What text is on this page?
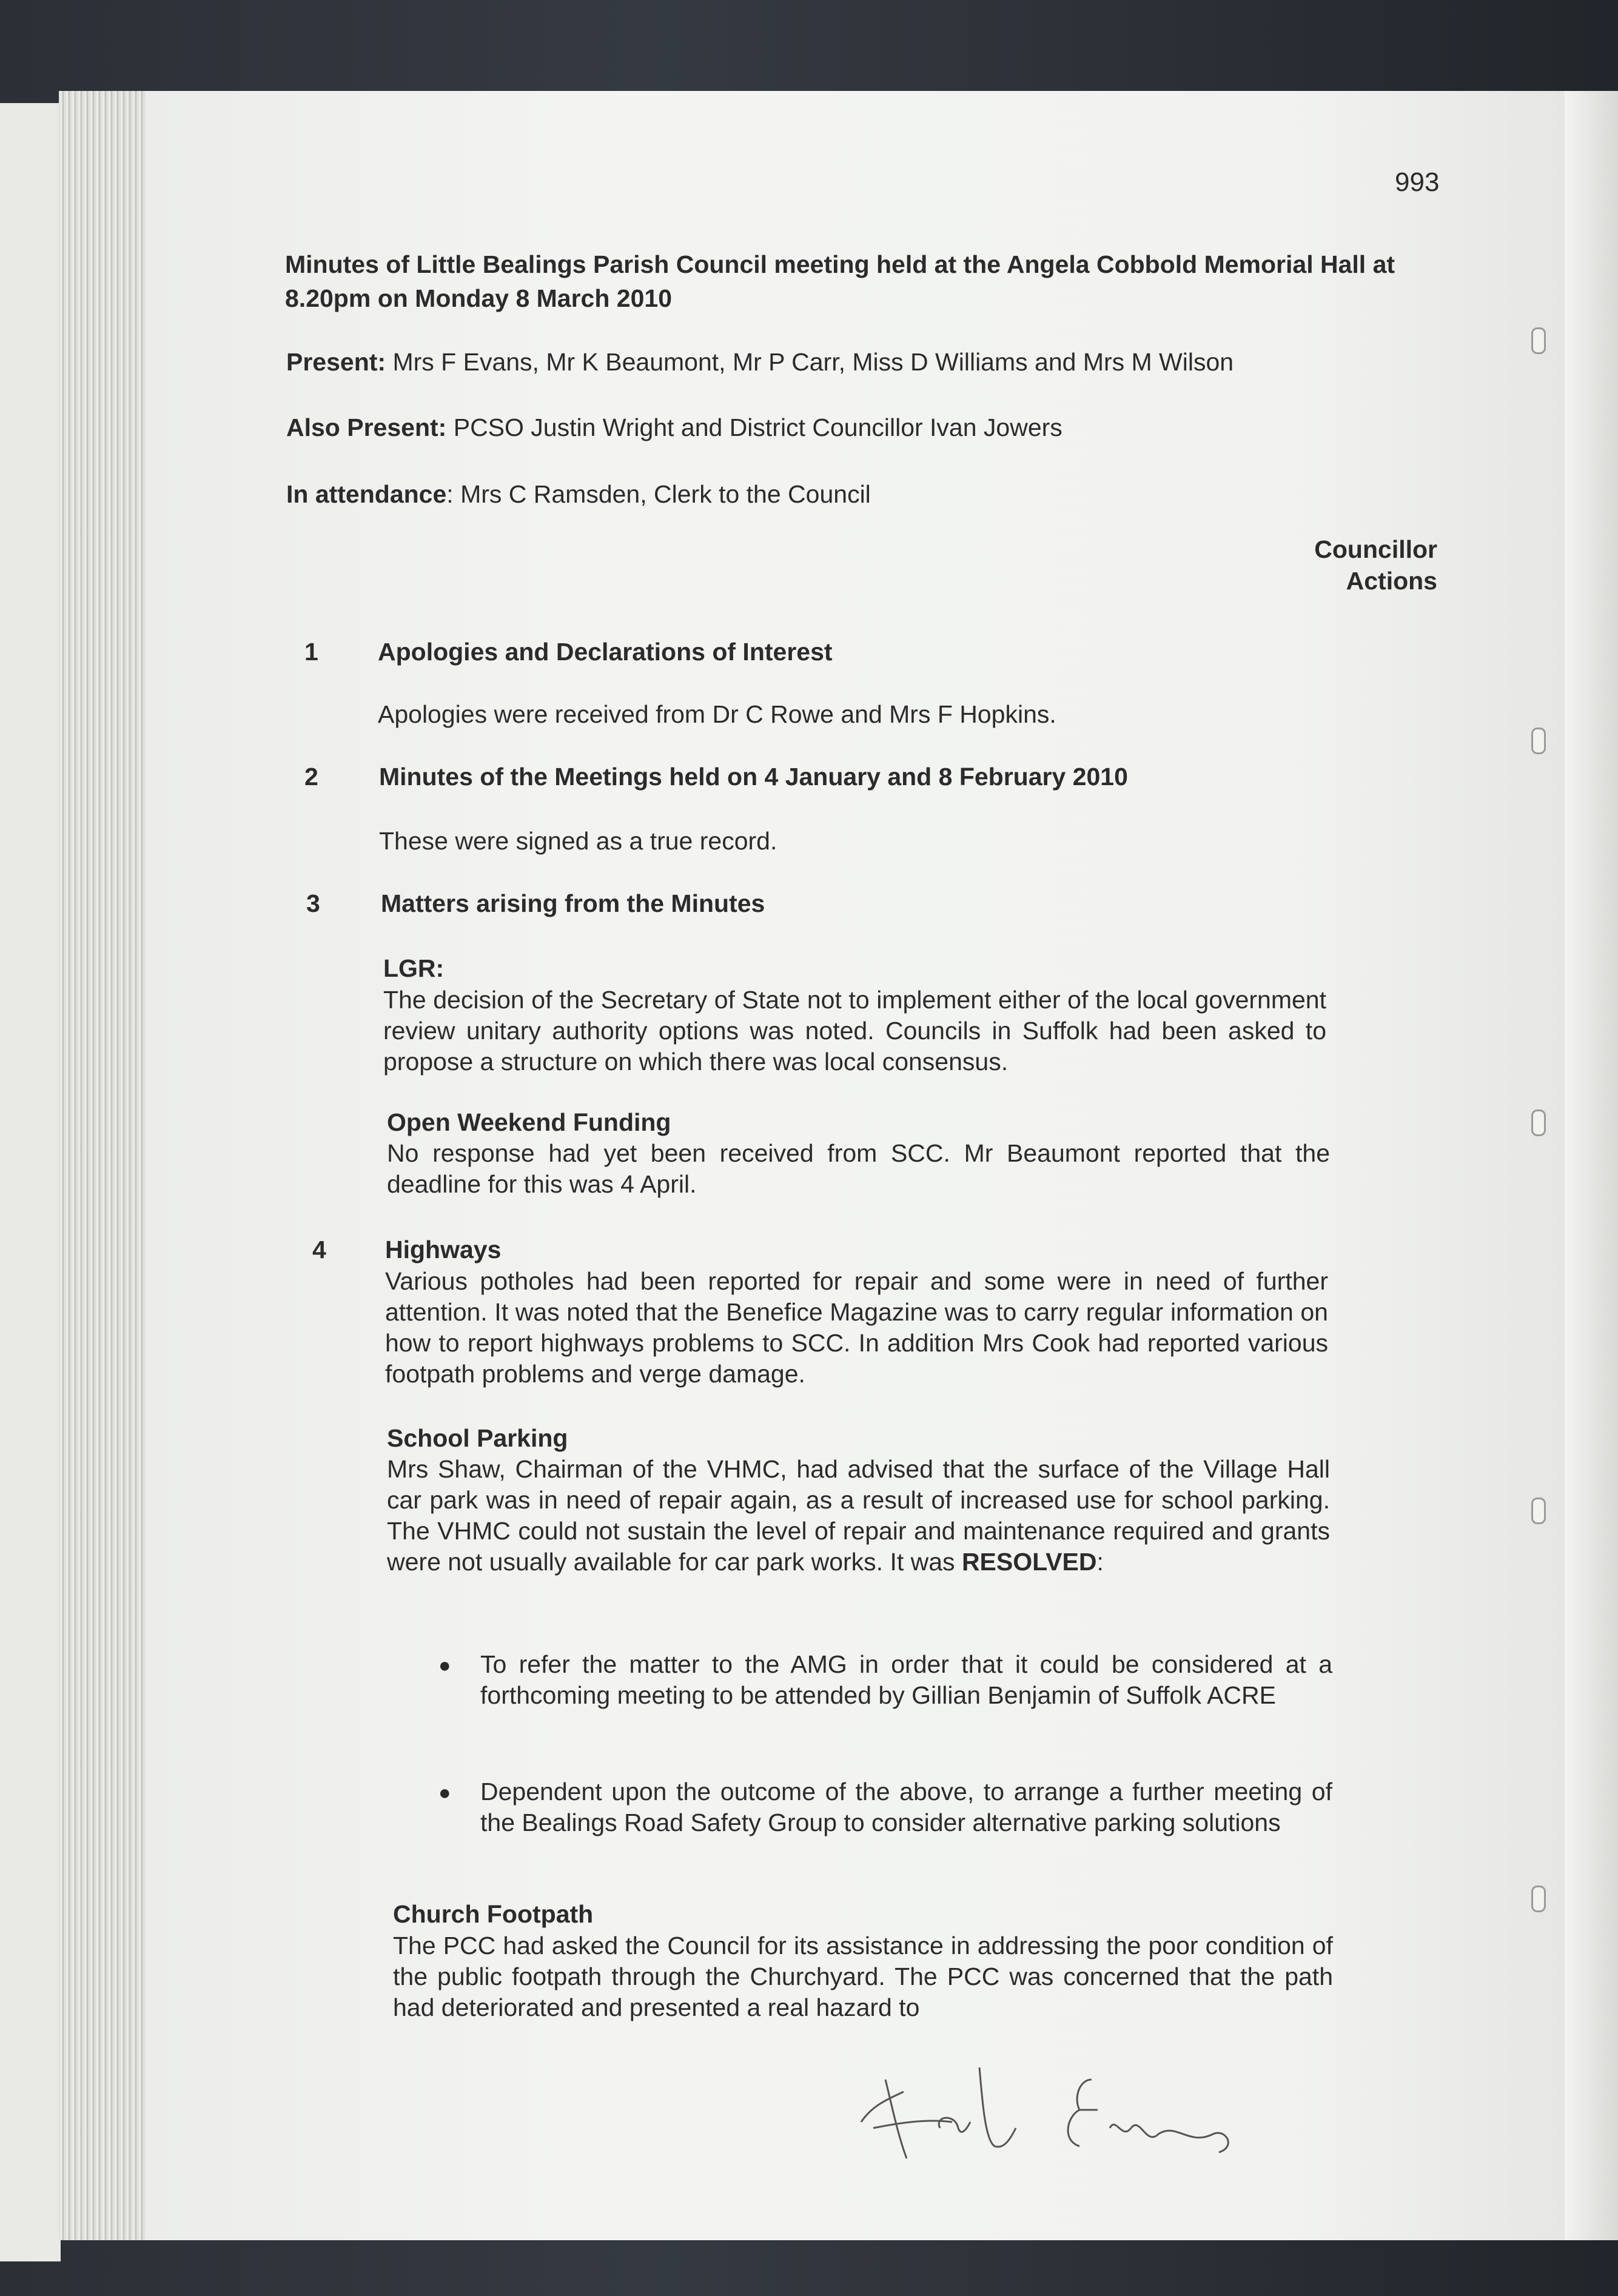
993
Minutes of Little Bealings Parish Council meeting held at the Angela Cobbold Memorial Hall at 8.20pm on Monday 8 March 2010
Present: Mrs F Evans, Mr K Beaumont, Mr P Carr, Miss D Williams and Mrs M Wilson
Also Present: PCSO Justin Wright and District Councillor Ivan Jowers
In attendance: Mrs C Ramsden, Clerk to the Council
Councillor
Actions
1 Apologies and Declarations of Interest
Apologies were received from Dr C Rowe and Mrs F Hopkins.
2 Minutes of the Meetings held on 4 January and 8 February 2010
These were signed as a true record.
3 Matters arising from the Minutes
LGR:
The decision of the Secretary of State not to implement either of the local government review unitary authority options was noted. Councils in Suffolk had been asked to propose a structure on which there was local consensus.
Open Weekend Funding
No response had yet been received from SCC. Mr Beaumont reported that the deadline for this was 4 April.
4 Highways
Various potholes had been reported for repair and some were in need of further attention. It was noted that the Benefice Magazine was to carry regular information on how to report highways problems to SCC. In addition Mrs Cook had reported various footpath problems and verge damage.
School Parking
Mrs Shaw, Chairman of the VHMC, had advised that the surface of the Village Hall car park was in need of repair again, as a result of increased use for school parking. The VHMC could not sustain the level of repair and maintenance required and grants were not usually available for car park works. It was RESOLVED:
● To refer the matter to the AMG in order that it could be considered at a forthcoming meeting to be attended by Gillian Benjamin of Suffolk ACRE
● Dependent upon the outcome of the above, to arrange a further meeting of the Bealings Road Safety Group to consider alternative parking solutions
Church Footpath
The PCC had asked the Council for its assistance in addressing the poor condition of the public footpath through the Churchyard. The PCC was concerned that the path had deteriorated and presented a real hazard to
